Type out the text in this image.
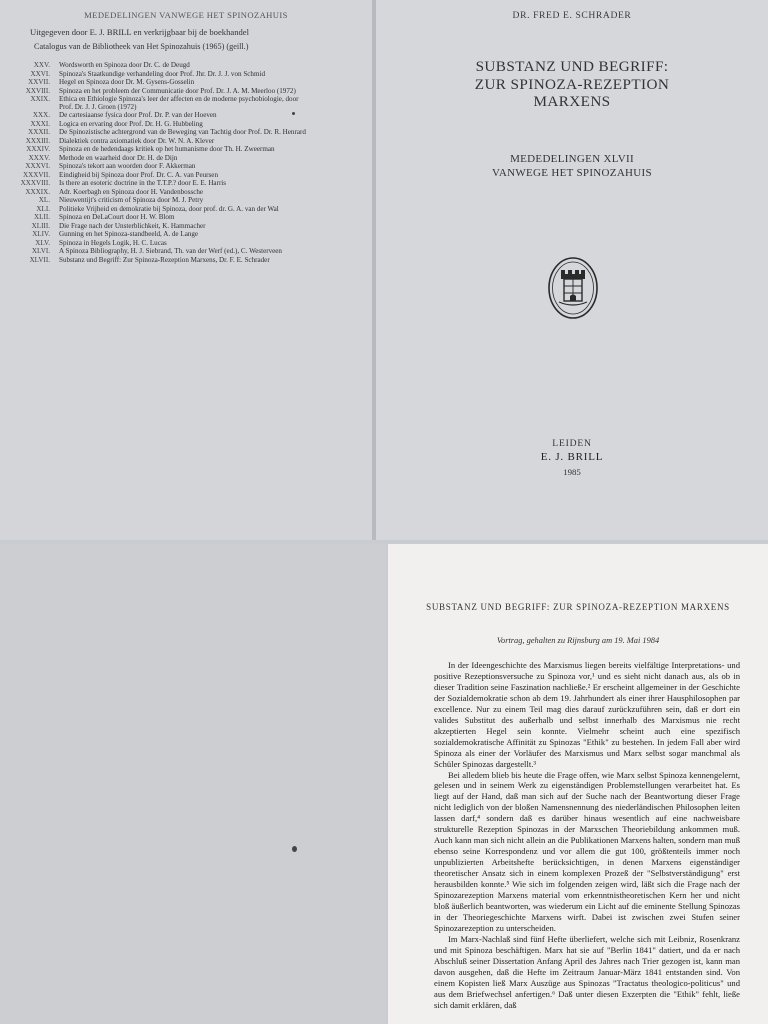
MEDEDELINGEN VANWEGE HET SPINOZAHUIS
Uitgegeven door E. J. BRILL en verkrijgbaar bij de boekhandel
Catalogus van de Bibliotheek van Het Spinozahuis (1965) (geill.)
XXV.	Wordsworth en Spinoza door Dr. C. de Deugd
XXVI.	Spinoza's Staatkundige verhandeling door Prof. Jhr. Dr. J. J. von Schmid
XXVII.	Hegel en Spinoza door Dr. M. Gysens-Gosselin
XXVIII.	Spinoza en het probleem der Communicatie door Prof. Dr. J. A. M. Meerloo (1972)
XXIX.	Ethica en Ethiologie Spinoza's leer der affecten en de moderne psychobiologie, door Prof. Dr. J. J. Groen (1972)
XXX.	De cartesiaanse fysica door Prof. Dr. P. van der Hoeven
XXXI.	Logica en ervaring door Prof. Dr. H. G. Hubbeling
XXXII.	De Spinozistische achtergrond van de Beweging van Tachtig door Prof. Dr. R. Henrard
XXXIII.	Dialektiek contra axiomatiek door Dr. W. N. A. Klever
XXXIV.	Spinoza en de hedendaags kritiek op het humanisme door Th. H. Zweerman
XXXV.	Methode en waarheid door Dr. H. de Dijn
XXXVI.	Spinoza's tekort aan woorden door F. Akkerman
XXXVII.	Eindigheid bij Spinoza door Prof. Dr. C. A. van Peursen
XXXVIII.	Is there an esoteric doctrine in the T.T.P.? door E. E. Harris
XXXIX.	Adr. Koerbagh en Spinoza door H. Vandenbossche
XL.	Nieuwentijt's criticism of Spinoza door M. J. Petry
XLI.	Politieke Vrijheid en demokratie bij Spinoza, door prof. dr. G. A. van der Wal
XLII.	Spinoza en DeLaCourt door H. W. Blom
XLIII.	Die Frage nach der Unsterblichkeit, K. Hammacher
XLIV.	Gunning en het Spinoza-standbeeld, A. de Lange
XLV.	Spinoza in Hegels Logik, H. C. Lucas
XLVI.	A Spinoza Bibliography, H. J. Siebrand, Th. van der Werf (ed.), C. Westerveen
XLVII.	Substanz und Begriff: Zur Spinoza-Rezeption Marxens, Dr. F. E. Schrader
DR. FRED E. SCHRADER
SUBSTANZ UND BEGRIFF:
ZUR SPINOZA-REZEPTION
MARXENS
MEDEDELINGEN XLVII
VANWEGE HET SPINOZAHUIS
LEIDEN
E. J. BRILL
1985
SUBSTANZ UND BEGRIFF: ZUR SPINOZA-REZEPTION MARXENS
Vortrag, gehalten zu Rijnsburg am 19. Mai 1984

In der Ideengeschichte des Marxismus liegen bereits vielfältige Interpretations- und positive Rezeptionsversuche zu Spinoza vor,¹ und es sieht nicht danach aus, als ob in dieser Tradition seine Faszination nachließe.² Er erscheint allgemeiner in der Geschichte der Sozialdemokratie schon ab dem 19. Jahrhundert als einer ihrer Hausphilosophen par excellence. Nur zu einem Teil mag dies darauf zurückzuführen sein, daß er dort ein valides Substitut des außerhalb und selbst innerhalb des Marxismus nie recht akzeptierten Hegel sein konnte. Vielmehr scheint auch eine spezifisch sozialdemokratische Affinität zu Spinozas "Ethik" zu bestehen. In jedem Fall aber wird Spinoza als einer der Vorläufer des Marxismus und Marx selbst sogar manchmal als Schüler Spinozas dargestellt.³

Bei alledem blieb bis heute die Frage offen, wie Marx selbst Spinoza kennengelernt, gelesen und in seinem Werk zu eigenständigen Problemstellungen verarbeitet hat. Es liegt auf der Hand, daß man sich auf der Suche nach der Beantwortung dieser Frage nicht lediglich von der bloßen Namensnennung des niederländischen Philosophen leiten lassen darf,⁴ sondern daß es darüber hinaus wesentlich auf eine nachweisbare strukturelle Rezeption Spinozas in der Marxschen Theoriebildung ankommen muß. Auch kann man sich nicht allein an die Publikationen Marxens halten, sondern man muß ebenso seine Korrespondenz und vor allem die gut 100, größtenteils immer noch unpublizierten Arbeitshefte berücksichtigen, in denen Marxens eigenständiger theoretischer Ansatz sich in einem komplexen Prozeß der "Selbstverständigung" erst herausbilden konnte.⁵ Wie sich im folgenden zeigen wird, läßt sich die Frage nach der Spinozarezeption Marxens material vom erkenntnistheoretischen Kern her und nicht bloß äußerlich beantworten, was wiederum ein Licht auf die eminente Stellung Spinozas in der Theoriegeschichte Marxens wirft. Dabei ist zwischen zwei Stufen seiner Spinozarezeption zu unterscheiden.

Im Marx-Nachlaß sind fünf Hefte überliefert, welche sich mit Leibniz, Rosenkranz und mit Spinoza beschäftigen. Marx hat sie auf "Berlin 1841" datiert, und da er nach Abschluß seiner Dissertation Anfang April des Jahres nach Trier gezogen ist, kann man davon ausgehen, daß die Hefte im Zeitraum Januar-März 1841 entstanden sind. Von einem Kopisten ließ Marx Auszüge aus Spinozas "Tractatus theologico-politicus" und aus dem Briefwechsel anfertigen.⁶ Daß unter diesen Exzerpten die "Ethik" fehlt, ließe sich damit erklären, daß
